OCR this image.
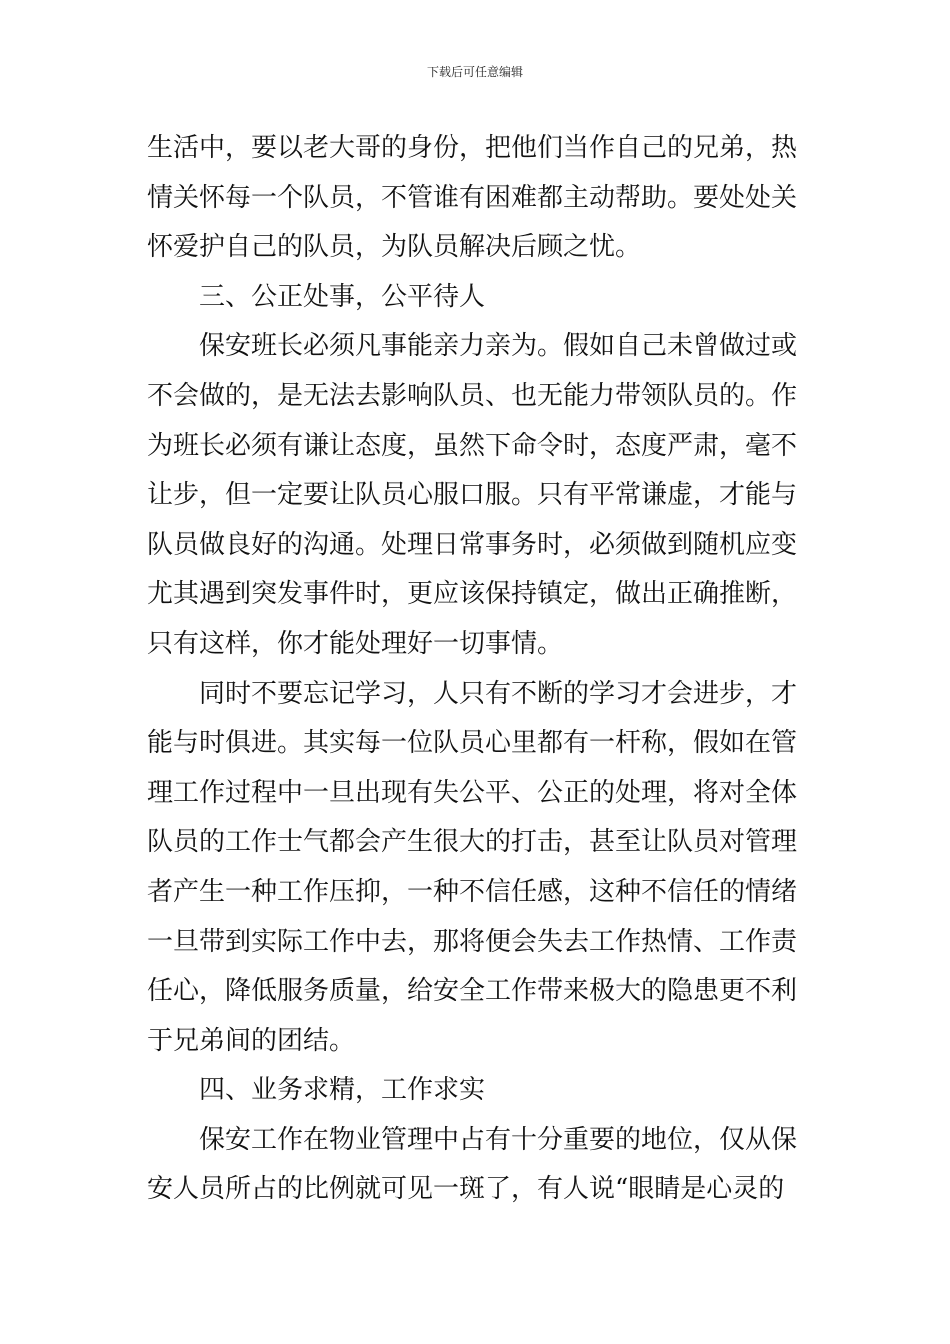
下载后可任意编辑
生活中，要以老大哥的身份，把他们当作自己的兄弟，热
情关怀每一个队员，不管谁有困难都主动帮助。要处处关
怀爱护自己的队员，为队员解决后顾之忧。
三、公正处事，公平待人
保安班长必须凡事能亲力亲为。假如自己未曾做过或
不会做的，是无法去影响队员、也无能力带领队员的。作
为班长必须有谦让态度，虽然下命令时，态度严肃，毫不
让步，但一定要让队员心服口服。只有平常谦虚，才能与
队员做良好的沟通。处理日常事务时，必须做到随机应变
尤其遇到突发事件时，更应该保持镇定，做出正确推断，
只有这样，你才能处理好一切事情。
同时不要忘记学习，人只有不断的学习才会进步，才
能与时俱进。其实每一位队员心里都有一杆称，假如在管
理工作过程中一旦出现有失公平、公正的处理，将对全体
队员的工作士气都会产生很大的打击，甚至让队员对管理
者产生一种工作压抑，一种不信任感，这种不信任的情绪
一旦带到实际工作中去，那将便会失去工作热情、工作责
任心，降低服务质量，给安全工作带来极大的隐患更不利
于兄弟间的团结。
四、业务求精，工作求实
保安工作在物业管理中占有十分重要的地位，仅从保
安人员所占的比例就可见一斑了，有人说“眼睛是心灵的
